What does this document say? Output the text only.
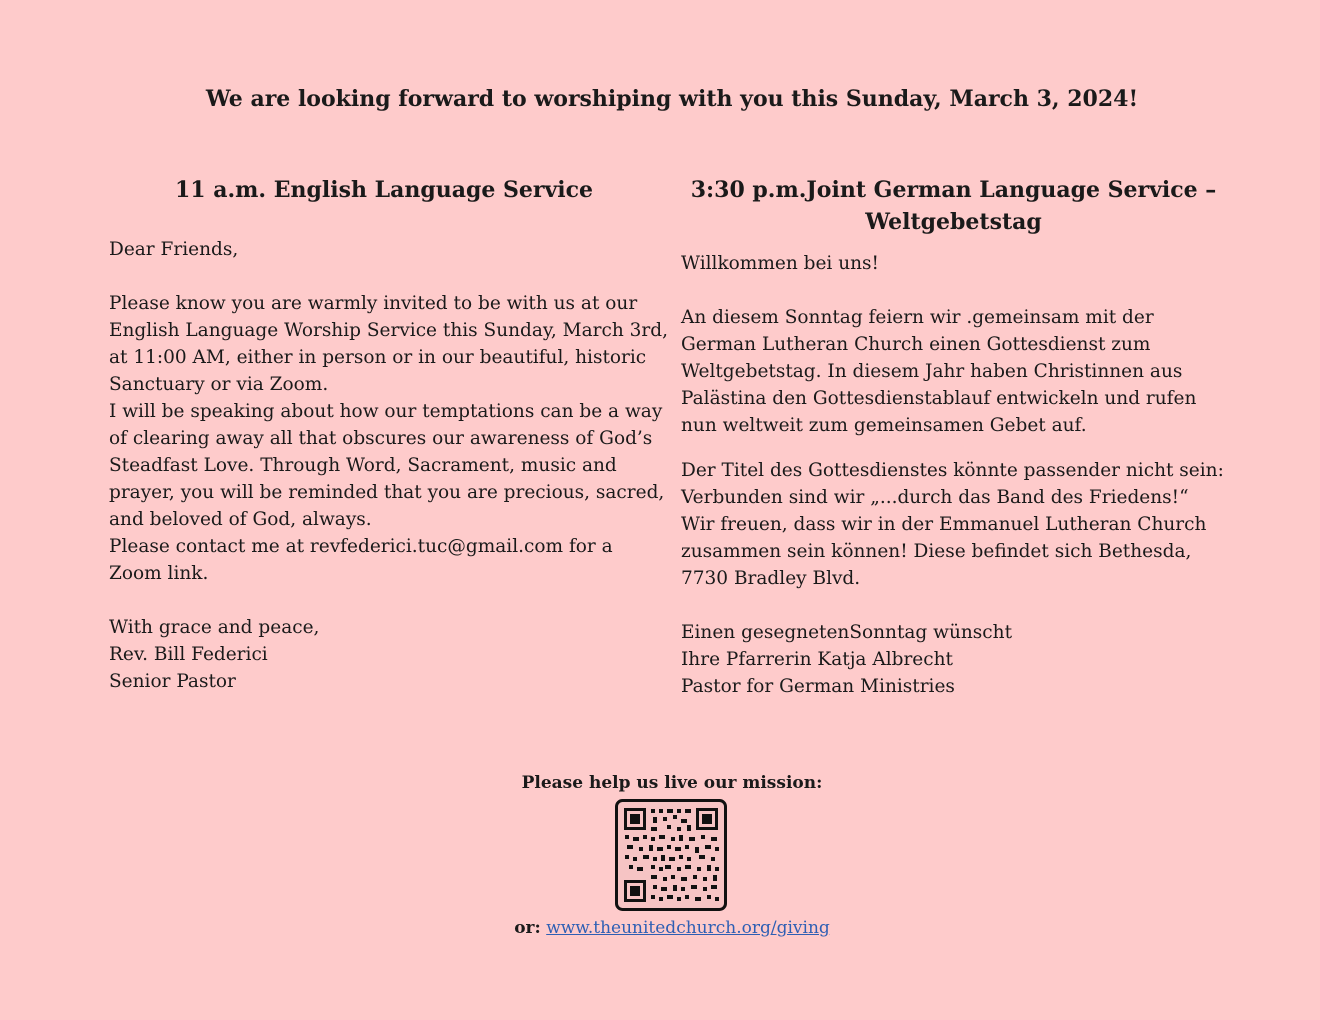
We are looking forward to worshiping with you this Sunday, March 3, 2024!

11 a.m. English Language Service

Dear Friends,

Please know you are warmly invited to be with us at our English Language Worship Service this Sunday, March 3rd, at 11:00 AM, either in person or in our beautiful, historic Sanctuary or via Zoom.

I will be speaking about how our temptations can be a way of clearing away all that obscures our awareness of God’s Steadfast Love. Through Word, Sacrament, music and prayer, you will be reminded that you are precious, sacred, and beloved of God, always.

Please contact me at revfederici.tuc@gmail.com for a Zoom link.

With grace and peace,

Rev. Bill Federici

Senior Pastor

3:30 p.m.Joint German Language Service – Weltgebetstag

Willkommen bei uns!

An diesem Sonntag feiern wir .gemeinsam mit der German Lutheran Church einen Gottesdienst zum Weltgebetstag. In diesem Jahr haben Christinnen aus Palästina den Gottesdienstablauf entwickeln und rufen nun weltweit zum gemeinsamen Gebet auf.

Der Titel des Gottesdienstes könnte passender nicht sein: Verbunden sind wir „...durch das Band des Friedens!“

Wir freuen, dass wir in der Emmanuel Lutheran Church zusammen sein können! Diese befindet sich Bethesda, 7730 Bradley Blvd.

Einen gesegnetenSonntag wünscht

Ihre Pfarrerin Katja Albrecht

Pastor for German Ministries

Please help us live our mission:
or: www.theunitedchurch.org/giving
